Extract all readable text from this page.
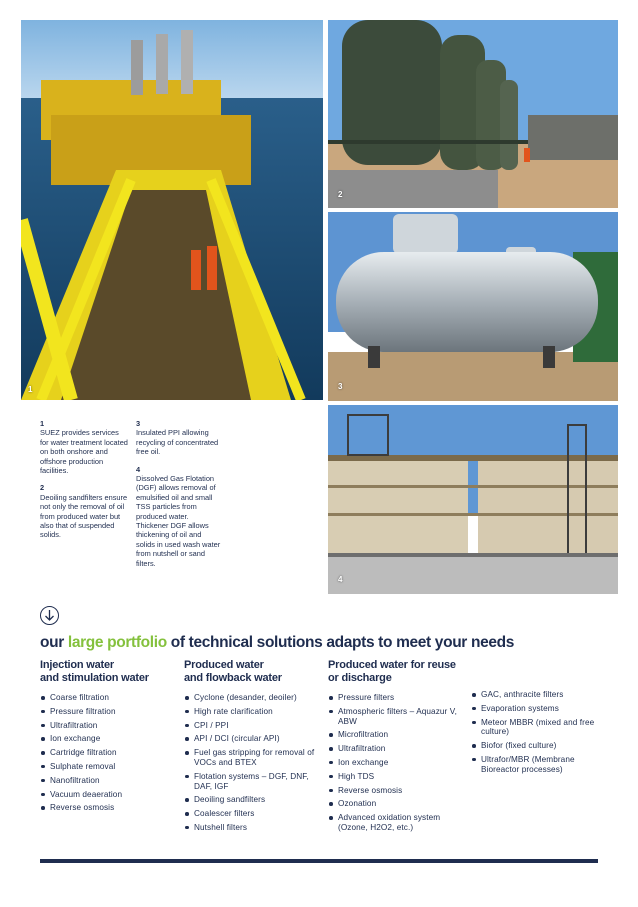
1
2
3
4
1
SUEZ provides services for water treatment located on both onshore and offshore production facilities.
2
Deoiling sandfilters ensure not only the removal of oil from produced water but also that of suspended solids.
3
Insulated PPI allowing recycling of concentrated free oil.
4
Dissolved Gas Flotation (DGF) allows removal of emulsified oil and small TSS particles from produced water. Thickener DGF allows thickening of oil and solids in used wash water from nutshell or sand filters.
our large portfolio of technical solutions adapts to meet your needs
Injection water
and stimulation water
Coarse filtration
Pressure filtration
Ultrafiltration
Ion exchange
Cartridge filtration
Sulphate removal
Nanofiltration
Vacuum deaeration
Reverse osmosis
Produced water
and flowback water
Cyclone (desander, deoiler)
High rate clarification
CPI / PPI
API / DCI (circular API)
Fuel gas stripping for removal of VOCs and BTEX
Flotation systems – DGF, DNF, DAF, IGF
Deoiling sandfilters
Coalescer filters
Nutshell filters
Produced water for reuse
or discharge
Pressure filters
Atmospheric filters – Aquazur V, ABW
Microfiltration
Ultrafiltration
Ion exchange
High TDS
Reverse osmosis
Ozonation
Advanced oxidation system (Ozone, H2O2, etc.)
GAC, anthracite filters
Evaporation systems
Meteor MBBR (mixed and free culture)
Biofor (fixed culture)
Ultrafor/MBR (Membrane Bioreactor processes)
